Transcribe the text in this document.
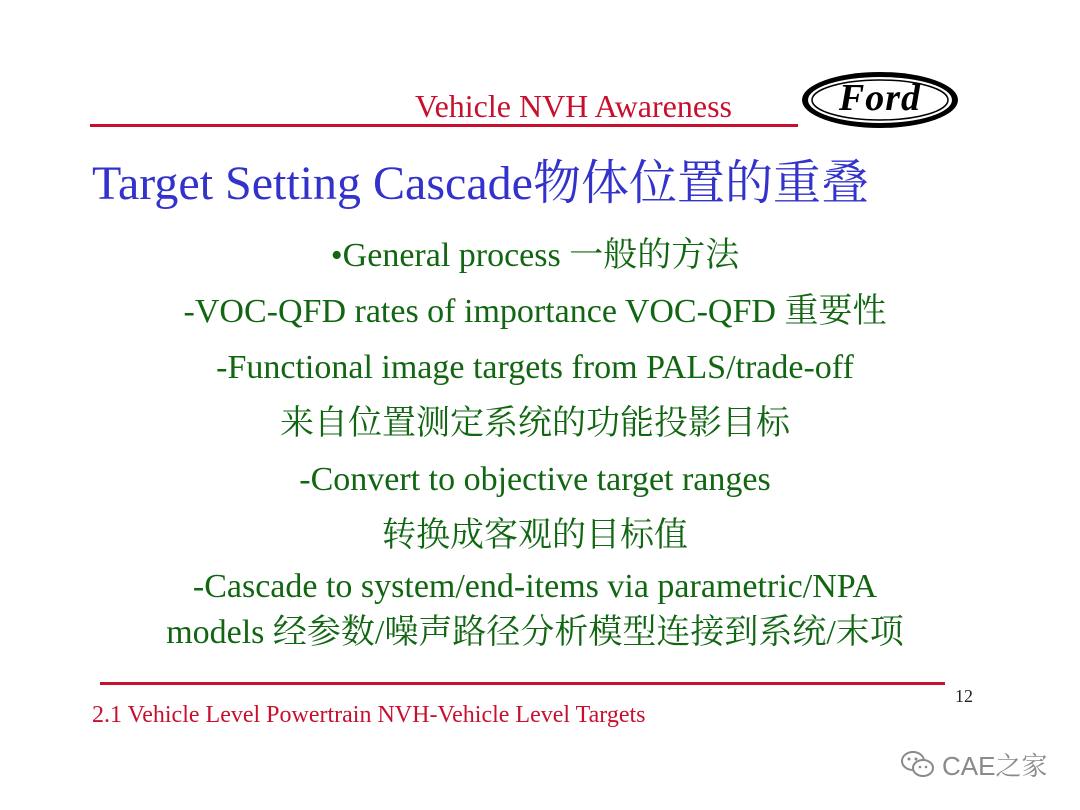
Vehicle NVH Awareness	Ford
Target Setting Cascade物体位置的重叠
•General process 一般的方法
-VOC-QFD rates of importance VOC-QFD 重要性
-Functional image targets from PALS/trade-off
来自位置测定系统的功能投影目标
-Convert to objective target ranges
转换成客观的目标值
-Cascade to system/end-items via parametric/NPA
models 经参数/噪声路径分析模型连接到系统/末项
12
2.1 Vehicle Level Powertrain NVH-Vehicle Level Targets
CAE之家
